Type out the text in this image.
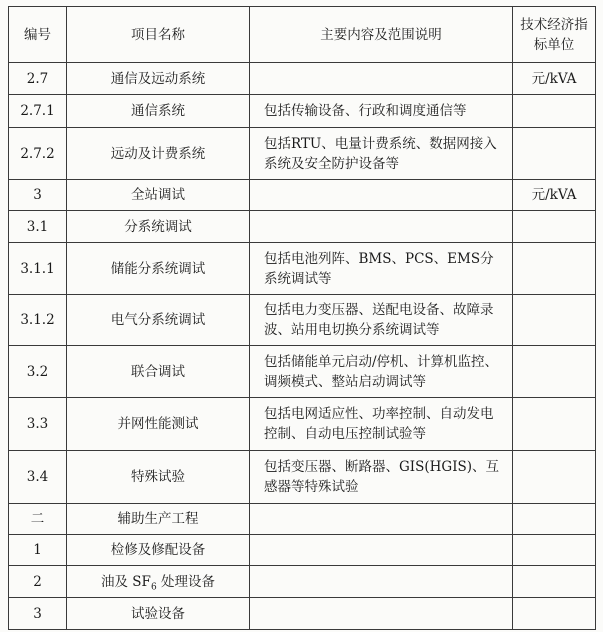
编号	项目名称	主要内容及范围说明	技术经济指标单位
2.7	通信及远动系统		元/kVA
2.7.1	通信系统	包括传输设备、行政和调度通信等	
2.7.2	远动及计费系统	包括RTU、电量计费系统、数据网接入系统及安全防护设备等	
3	全站调试		元/kVA
3.1	分系统调试		
3.1.1	储能分系统调试	包括电池列阵、BMS、PCS、EMS分系统调试等	
3.1.2	电气分系统调试	包括电力变压器、送配电设备、故障录波、站用电切换分系统调试等	
3.2	联合调试	包括储能单元启动/停机、计算机监控、调频模式、整站启动调试等	
3.3	并网性能测试	包括电网适应性、功率控制、自动发电控制、自动电压控制试验等	
3.4	特殊试验	包括变压器、断路器、GIS(HGIS)、互感器等特殊试验	
二	辅助生产工程		
1	检修及修配设备		
2	油及 $SF_6$ 处理设备		
3	试验设备		
